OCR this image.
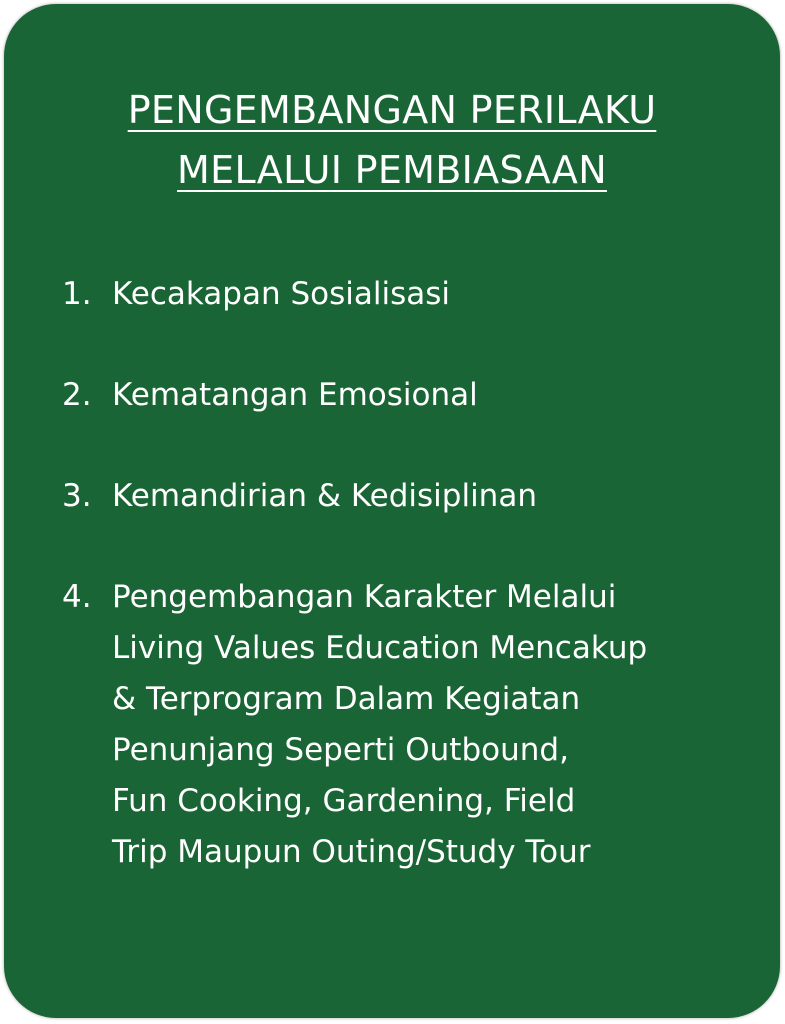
PENGEMBANGAN PERILAKU
MELALUI PEMBIASAAN
1. Kecakapan Sosialisasi
2. Kematangan Emosional
3. Kemandirian & Kedisiplinan
4. Pengembangan Karakter Melalui
Living Values Education Mencakup
& Terprogram Dalam Kegiatan
Penunjang Seperti Outbound,
Fun Cooking, Gardening, Field
Trip Maupun Outing/Study Tour
